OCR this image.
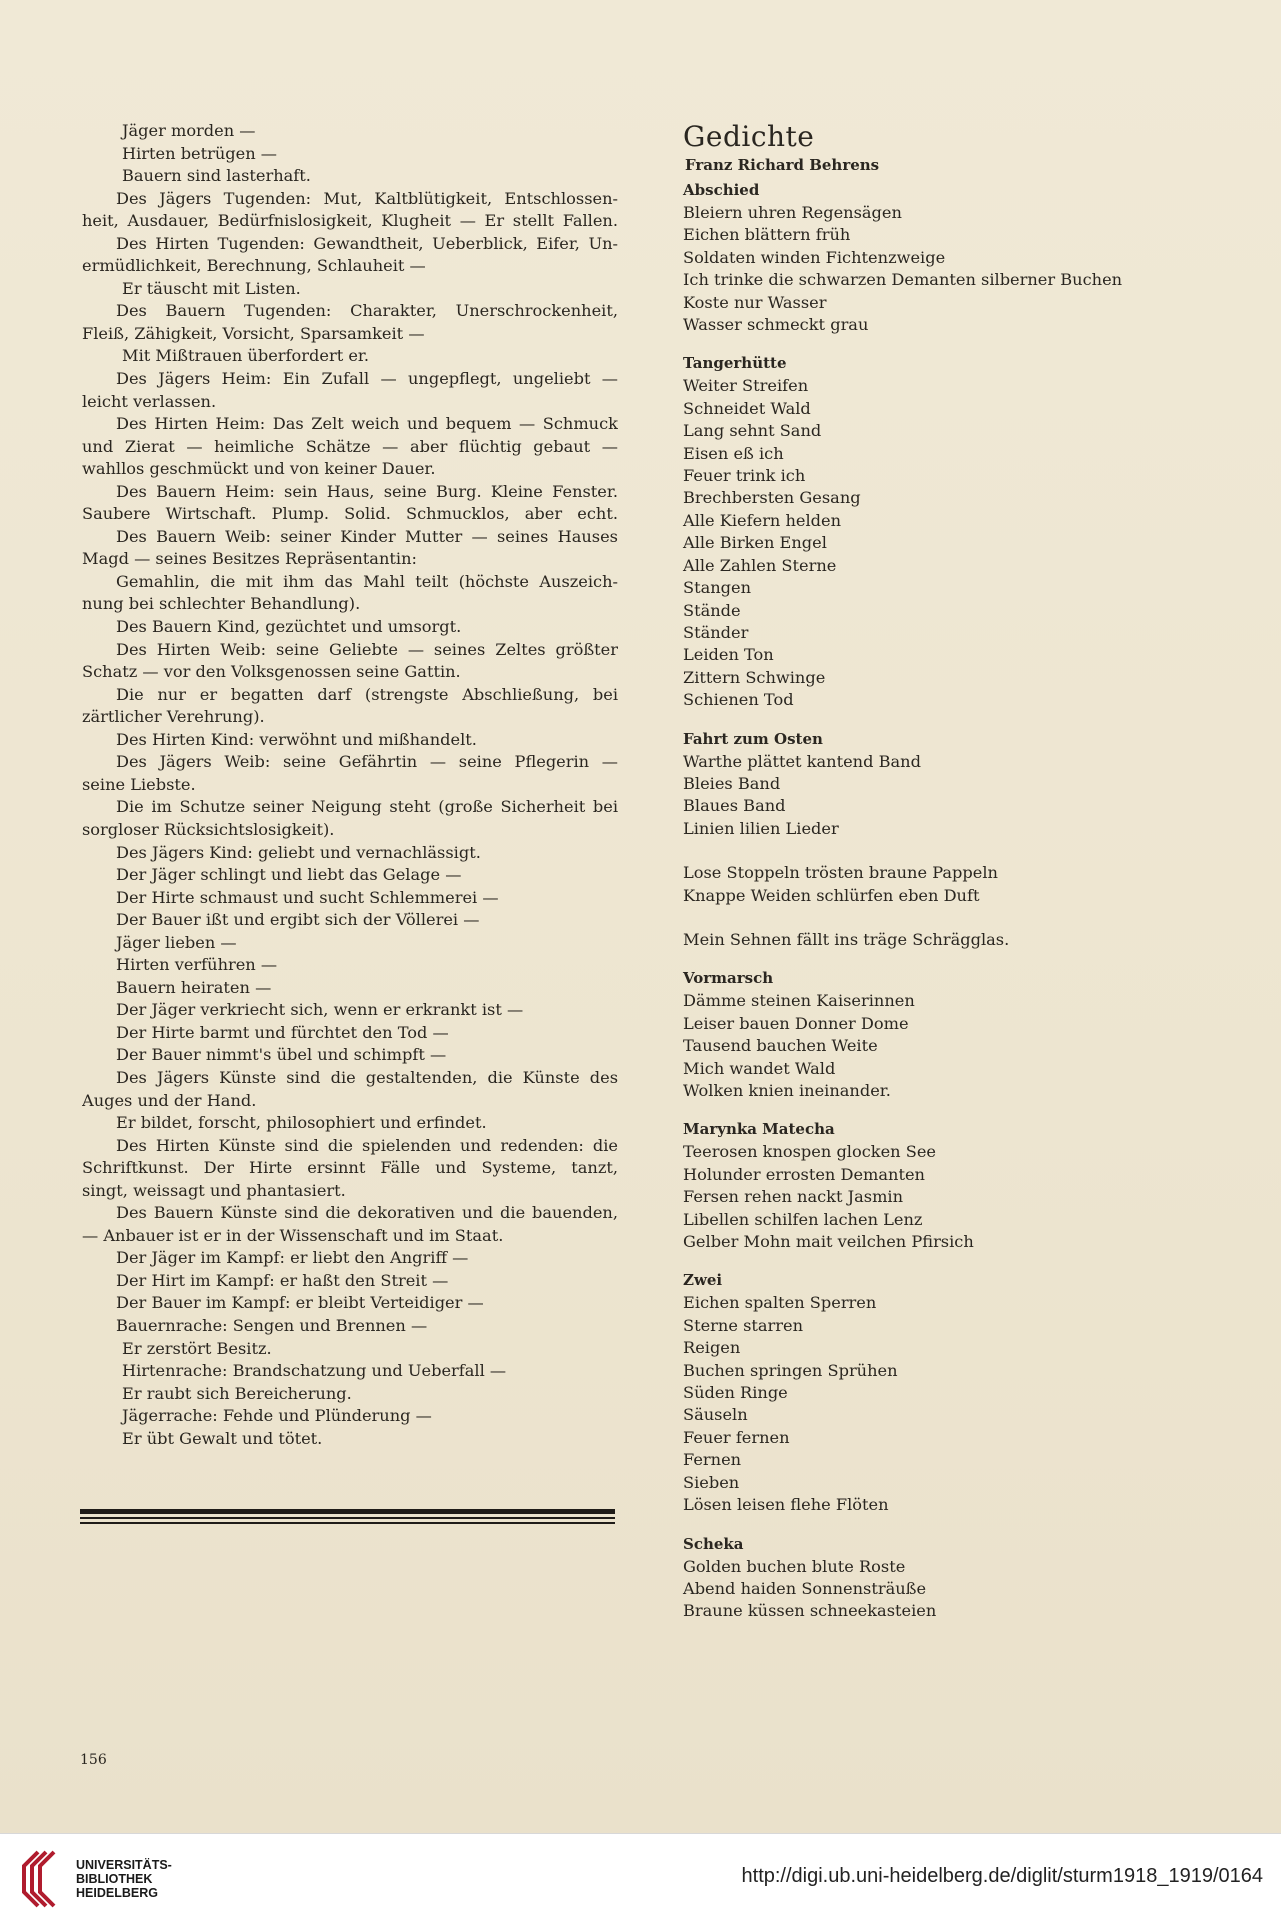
Jäger morden —
Hirten betrügen —
Bauern sind lasterhaft.
Des Jägers Tugenden: Mut, Kaltblütigkeit, Entschlossen-
heit, Ausdauer, Bedürfnislosigkeit, Klugheit — Er stellt Fallen.
Des Hirten Tugenden: Gewandtheit, Ueberblick, Eifer, Un-
ermüdlichkeit, Berechnung, Schlauheit —
Er täuscht mit Listen.
Des Bauern Tugenden: Charakter, Unerschrockenheit,
Fleiß, Zähigkeit, Vorsicht, Sparsamkeit —
Mit Mißtrauen überfordert er.
Des Jägers Heim: Ein Zufall — ungepflegt, ungeliebt —
leicht verlassen.
Des Hirten Heim: Das Zelt weich und bequem — Schmuck
und Zierat — heimliche Schätze — aber flüchtig gebaut —
wahllos geschmückt und von keiner Dauer.
Des Bauern Heim: sein Haus, seine Burg. Kleine Fenster.
Saubere Wirtschaft. Plump. Solid. Schmucklos, aber echt.
Des Bauern Weib: seiner Kinder Mutter — seines Hauses
Magd — seines Besitzes Repräsentantin:
Gemahlin, die mit ihm das Mahl teilt (höchste Auszeich-
nung bei schlechter Behandlung).
Des Bauern Kind, gezüchtet und umsorgt.
Des Hirten Weib: seine Geliebte — seines Zeltes größter
Schatz — vor den Volksgenossen seine Gattin.
Die nur er begatten darf (strengste Abschließung, bei
zärtlicher Verehrung).
Des Hirten Kind: verwöhnt und mißhandelt.
Des Jägers Weib: seine Gefährtin — seine Pflegerin —
seine Liebste.
Die im Schutze seiner Neigung steht (große Sicherheit bei
sorgloser Rücksichtslosigkeit).
Des Jägers Kind: geliebt und vernachlässigt.
Der Jäger schlingt und liebt das Gelage —
Der Hirte schmaust und sucht Schlemmerei —
Der Bauer ißt und ergibt sich der Völlerei —
Jäger lieben —
Hirten verführen —
Bauern heiraten —
Der Jäger verkriecht sich, wenn er erkrankt ist —
Der Hirte barmt und fürchtet den Tod —
Der Bauer nimmt's übel und schimpft —
Des Jägers Künste sind die gestaltenden, die Künste des
Auges und der Hand.
Er bildet, forscht, philosophiert und erfindet.
Des Hirten Künste sind die spielenden und redenden: die
Schriftkunst. Der Hirte ersinnt Fälle und Systeme, tanzt,
singt, weissagt und phantasiert.
Des Bauern Künste sind die dekorativen und die bauenden,
— Anbauer ist er in der Wissenschaft und im Staat.
Der Jäger im Kampf: er liebt den Angriff —
Der Hirt im Kampf: er haßt den Streit —
Der Bauer im Kampf: er bleibt Verteidiger —
Bauernrache: Sengen und Brennen —
Er zerstört Besitz.
Hirtenrache: Brandschatzung und Ueberfall —
Er raubt sich Bereicherung.
Jägerrache: Fehde und Plünderung —
Er übt Gewalt und tötet.
156
Gedichte
Franz Richard Behrens
Abschied
Bleiern uhren Regensägen
Eichen blättern früh
Soldaten winden Fichtenzweige
Ich trinke die schwarzen Demanten silberner Buchen
Koste nur Wasser
Wasser schmeckt grau
Tangerhütte
Weiter Streifen
Schneidet Wald
Lang sehnt Sand
Eisen eß ich
Feuer trink ich
Brechbersten Gesang
Alle Kiefern helden
Alle Birken Engel
Alle Zahlen Sterne
Stangen
Stände
Ständer
Leiden Ton
Zittern Schwinge
Schienen Tod
Fahrt zum Osten
Warthe plättet kantend Band
Bleies Band
Blaues Band
Linien lilien Lieder
Lose Stoppeln trösten braune Pappeln
Knappe Weiden schlürfen eben Duft
Mein Sehnen fällt ins träge Schrägglas.
Vormarsch
Dämme steinen Kaiserinnen
Leiser bauen Donner Dome
Tausend bauchen Weite
Mich wandet Wald
Wolken knien ineinander.
Marynka Matecha
Teerosen knospen glocken See
Holunder errosten Demanten
Fersen rehen nackt Jasmin
Libellen schilfen lachen Lenz
Gelber Mohn mait veilchen Pfirsich
Zwei
Eichen spalten Sperren
Sterne starren
Reigen
Buchen springen Sprühen
Süden Ringe
Säuseln
Feuer fernen
Fernen
Sieben
Lösen leisen flehe Flöten
Scheka
Golden buchen blute Roste
Abend haiden Sonnensträuße
Braune küssen schneekasteien
UNIVERSITÄTS-
BIBLIOTHEK
HEIDELBERG
http://digi.ub.uni-heidelberg.de/diglit/sturm1918_1919/0164
